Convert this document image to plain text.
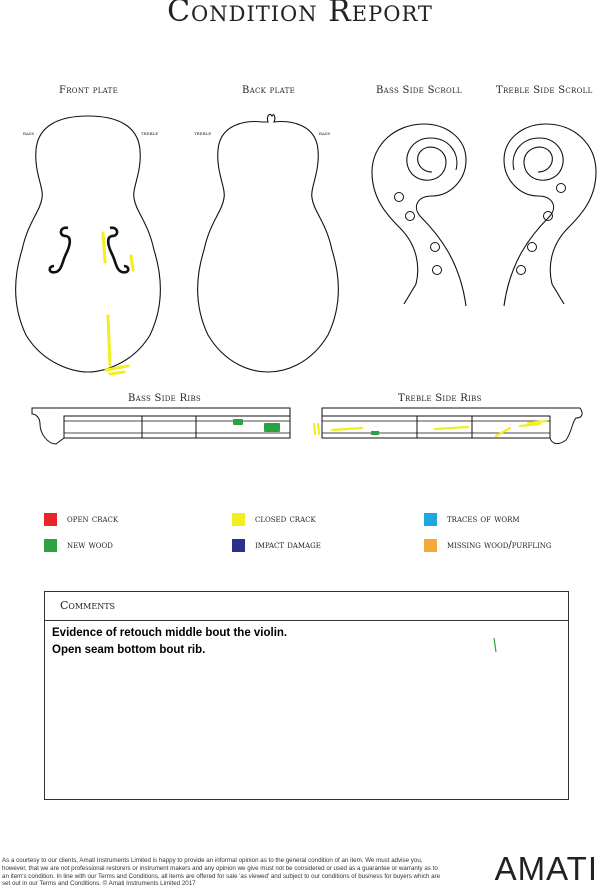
Condition Report
Front plate	Back plate	Bass Side Scroll	Treble Side Scroll
bass	treble	treble	bass
Bass Side Ribs	Treble Side Ribs
open crack	closed crack	traces of worm
new wood	impact damage	missing wood/purfling
Comments
Evidence of retouch middle bout the violin.
Open seam bottom bout rib.
As a courtesy to our clients, Amati Instruments Limited is happy to provide an informal opinion as to the general condition of an item. We must advise you, however, that we are not professional restorers or instrument makers and any opinion we give must not be considered or used as a guarantee or warranty as to an item's condition. In line with our Terms and Conditions, all items are offered for sale 'as viewed' and subject to our conditions of business for buyers which are set out in our Terms and Conditions. © Amati Instruments Limited 2017	AMATI
